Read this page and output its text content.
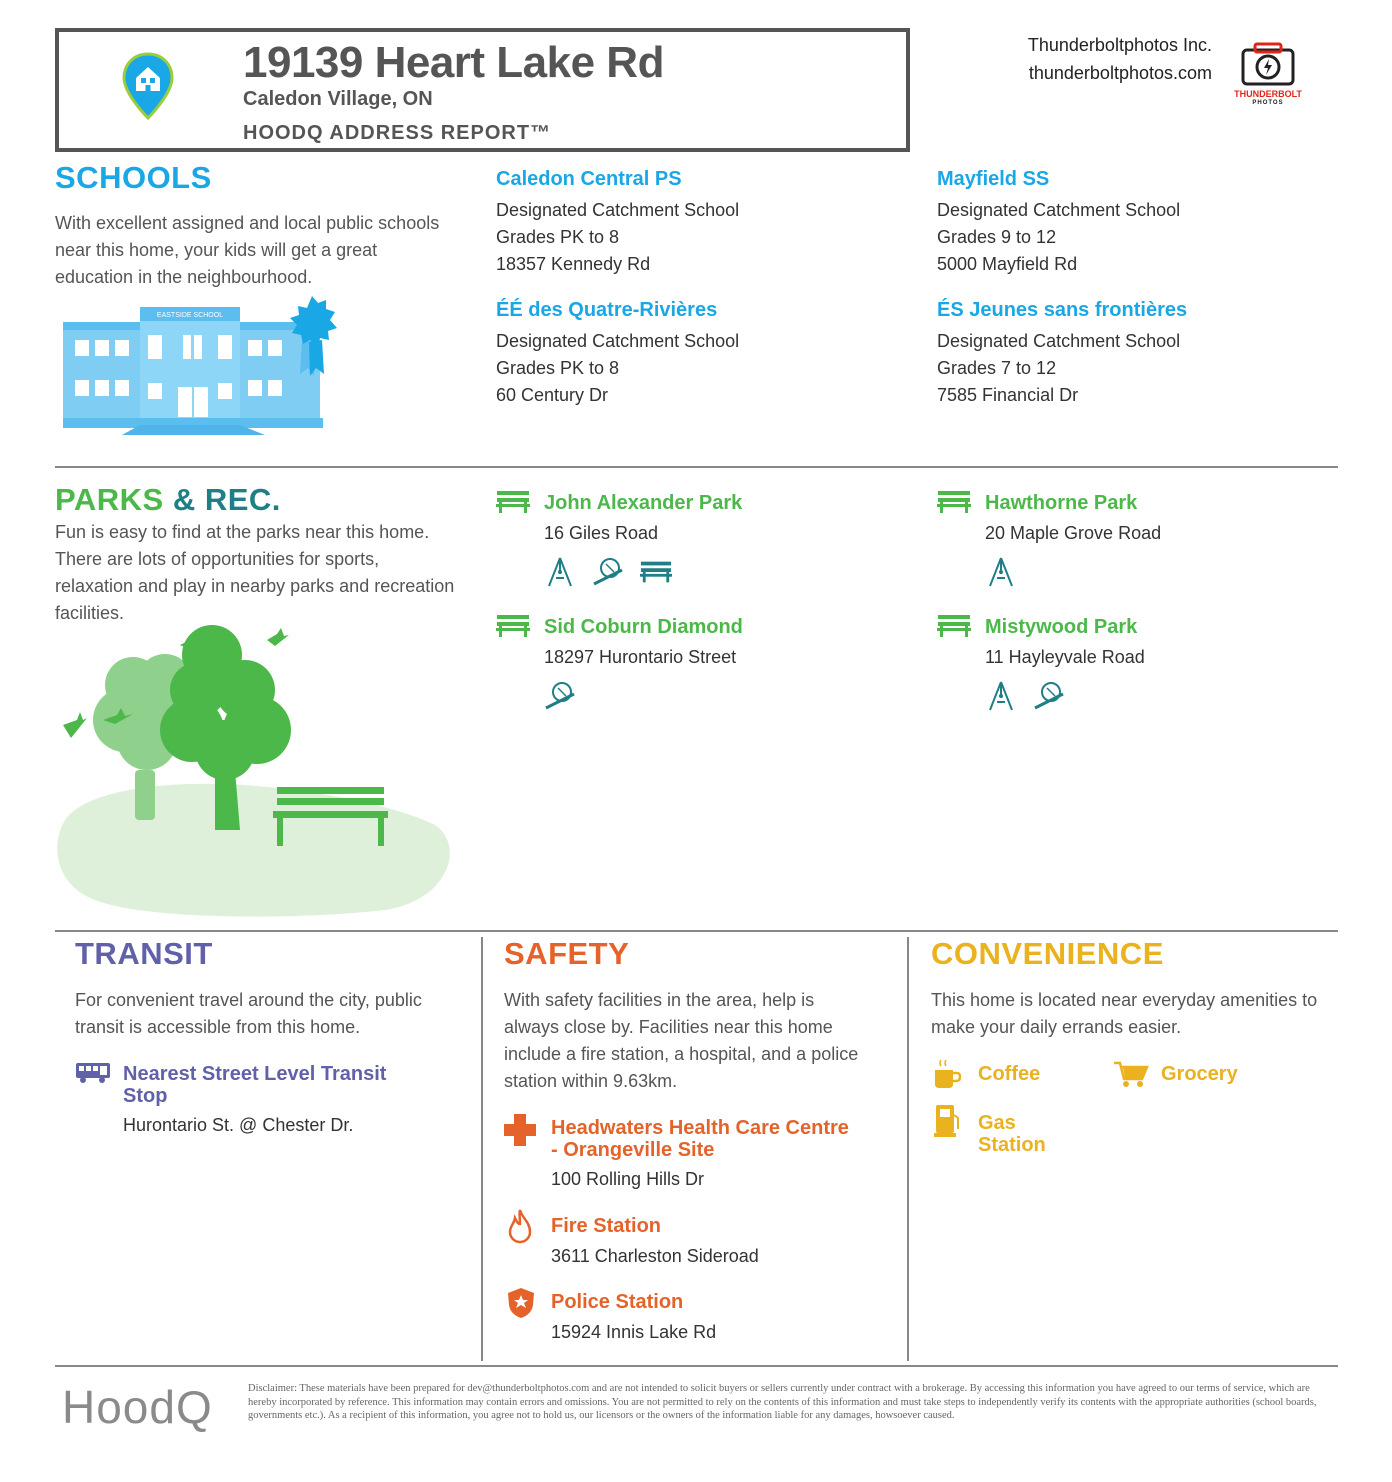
19139 Heart Lake Rd
Caledon Village, ON
HOODQ ADDRESS REPORT™
Thunderboltphotos Inc.
thunderboltphotos.com
THUNDERBOLT
PHOTOS
SCHOOLS
With excellent assigned and local public schools near this home, your kids will get a great education in the neighbourhood.
EASTSIDE SCHOOL
Caledon Central PS
Designated Catchment School
Grades PK to 8
18357 Kennedy Rd
Mayfield SS
Designated Catchment School
Grades 9 to 12
5000 Mayfield Rd
ÉÉ des Quatre-Rivières
Designated Catchment School
Grades PK to 8
60 Century Dr
ÉS Jeunes sans frontières
Designated Catchment School
Grades 7 to 12
7585 Financial Dr
PARKS & REC.
Fun is easy to find at the parks near this home. There are lots of opportunities for sports, relaxation and play in nearby parks and recreation facilities.
John Alexander Park
16 Giles Road
Hawthorne Park
20 Maple Grove Road
Sid Coburn Diamond
18297 Hurontario Street
Mistywood Park
11 Hayleyvale Road
TRANSIT
For convenient travel around the city, public transit is accessible from this home.
Nearest Street Level Transit Stop
Hurontario St. @ Chester Dr.
SAFETY
With safety facilities in the area, help is always close by. Facilities near this home include a fire station, a hospital, and a police station within 9.63km.
Headwaters Health Care Centre - Orangeville Site
100 Rolling Hills Dr
Fire Station
3611 Charleston Sideroad
Police Station
15924 Innis Lake Rd
CONVENIENCE
This home is located near everyday amenities to make your daily errands easier.
Coffee	Grocery
Gas Station
HoodQ	Disclaimer: These materials have been prepared for dev@thunderboltphotos.com and are not intended to solicit buyers or sellers currently under contract with a brokerage. By accessing this information you have agreed to our terms of service, which are hereby incorporated by reference. This information may contain errors and omissions. You are not permitted to rely on the contents of this information and must take steps to independently verify its contents with the appropriate authorities (school boards, governments etc.). As a recipient of this information, you agree not to hold us, our licensors or the owners of the information liable for any damages, howsoever caused.
